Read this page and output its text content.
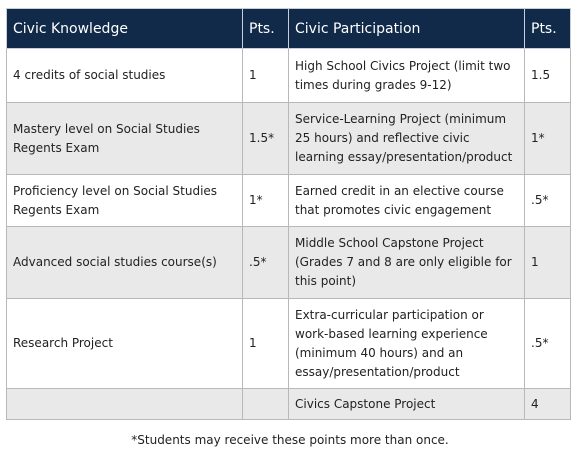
Civic Knowledge	Pts.	Civic Participation	Pts.
4 credits of social studies	1	High School Civics Project (limit two times during grades 9-12)	1.5
Mastery level on Social Studies Regents Exam	1.5*	Service-Learning Project (minimum 25 hours) and reflective civic learning essay/presentation/product	1*
Proficiency level on Social Studies Regents Exam	1*	Earned credit in an elective course that promotes civic engagement	.5*
Advanced social studies course(s)	.5*	Middle School Capstone Project (Grades 7 and 8 are only eligible for this point)	1
Research Project	1	Extra-curricular participation or work-based learning experience (minimum 40 hours) and an essay/presentation/product	.5*
		Civics Capstone Project	4
*Students may receive these points more than once.
